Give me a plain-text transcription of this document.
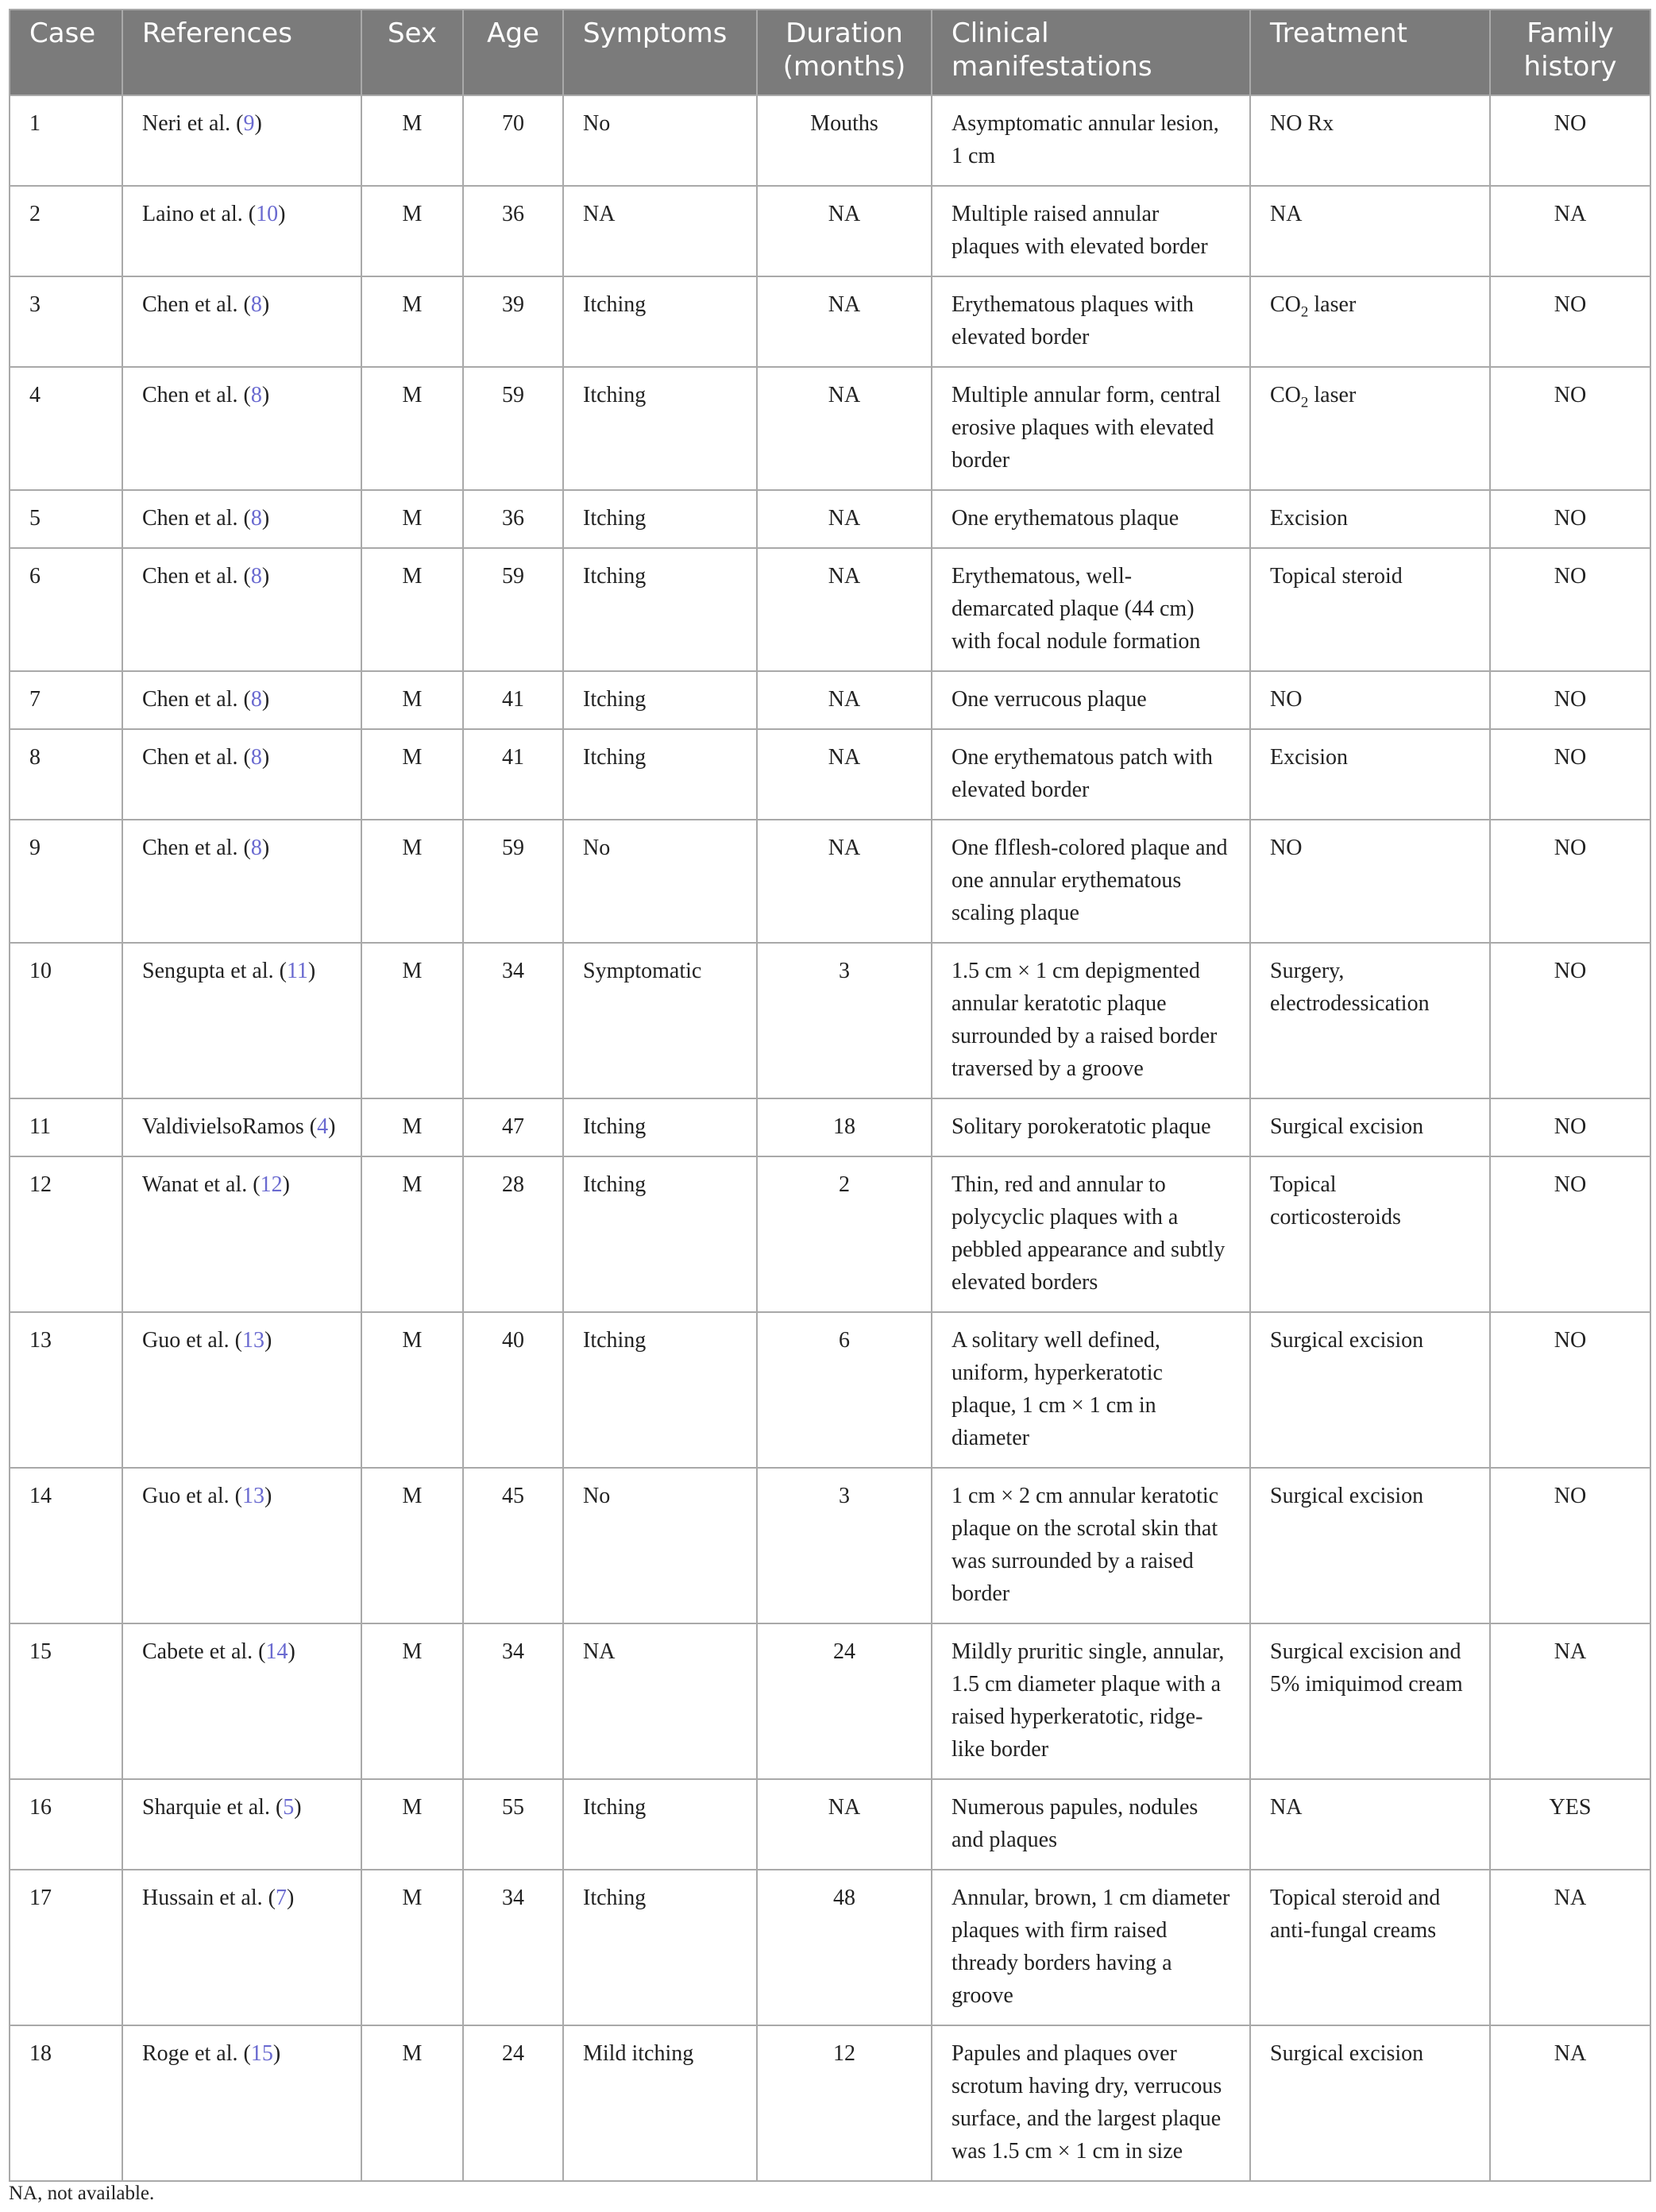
Case	References	Sex	Age	Symptoms	Duration (months)	Clinical manifestations	Treatment	Family history
1	Neri et al. (9)	M	70	No	Mouths	Asymptomatic annular lesion, 1 cm	NO Rx	NO
2	Laino et al. (10)	M	36	NA	NA	Multiple raised annular plaques with elevated border	NA	NA
3	Chen et al. (8)	M	39	Itching	NA	Erythematous plaques with elevated border	$CO_2$ laser	NO
4	Chen et al. (8)	M	59	Itching	NA	Multiple annular form, central erosive plaques with elevated border	$CO_2$ laser	NO
5	Chen et al. (8)	M	36	Itching	NA	One erythematous plaque	Excision	NO
6	Chen et al. (8)	M	59	Itching	NA	Erythematous, well-demarcated plaque (44 cm) with focal nodule formation	Topical steroid	NO
7	Chen et al. (8)	M	41	Itching	NA	One verrucous plaque	NO	NO
8	Chen et al. (8)	M	41	Itching	NA	One erythematous patch with elevated border	Excision	NO
9	Chen et al. (8)	M	59	No	NA	One flflesh-colored plaque and one annular erythematous scaling plaque	NO	NO
10	Sengupta et al. (11)	M	34	Symptomatic	3	1.5 cm × 1 cm depigmented annular keratotic plaque surrounded by a raised border traversed by a groove	Surgery, electrodessication	NO
11	ValdivielsoRamos (4)	M	47	Itching	18	Solitary porokeratotic plaque	Surgical excision	NO
12	Wanat et al. (12)	M	28	Itching	2	Thin, red and annular to polycyclic plaques with a pebbled appearance and subtly elevated borders	Topical corticosteroids	NO
13	Guo et al. (13)	M	40	Itching	6	A solitary well defined, uniform, hyperkeratotic plaque, 1 cm × 1 cm in diameter	Surgical excision	NO
14	Guo et al. (13)	M	45	No	3	1 cm × 2 cm annular keratotic plaque on the scrotal skin that was surrounded by a raised border	Surgical excision	NO
15	Cabete et al. (14)	M	34	NA	24	Mildly pruritic single, annular, 1.5 cm diameter plaque with a raised hyperkeratotic, ridge-like border	Surgical excision and 5% imiquimod cream	NA
16	Sharquie et al. (5)	M	55	Itching	NA	Numerous papules, nodules and plaques	NA	YES
17	Hussain et al. (7)	M	34	Itching	48	Annular, brown, 1 cm diameter plaques with firm raised thready borders having a groove	Topical steroid and anti-fungal creams	NA
18	Roge et al. (15)	M	24	Mild itching	12	Papules and plaques over scrotum having dry, verrucous surface, and the largest plaque was 1.5 cm × 1 cm in size	Surgical excision	NA
NA, not available.
